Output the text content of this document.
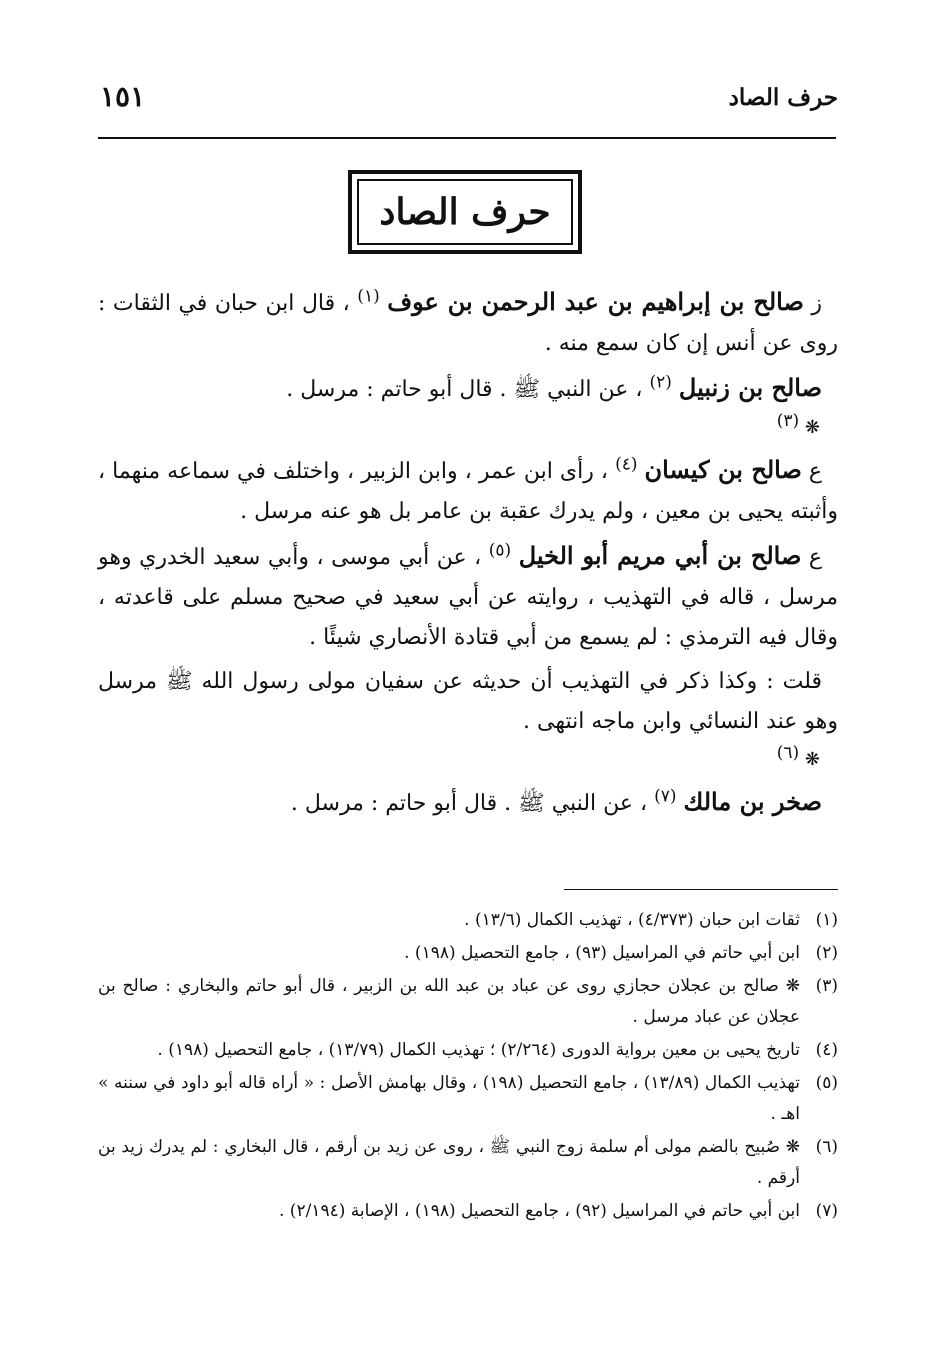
حرف الصاد
١٥١
حرف الصاد

ز صالح بن إبراهيم بن عبد الرحمن بن عوف $^{(١)}$ ، قال ابن حبان في الثقات : روى عن أنس إن كان سمع منه .

صالح بن زنبيل $^{(٢)}$ ، عن النبي ﷺ . قال أبو حاتم : مرسل .

❋ (٣)

ع صالح بن كيسان $^{(٤)}$ ، رأى ابن عمر ، وابن الزبير ، واختلف في سماعه منهما ، وأثبته يحيى بن معين ، ولم يدرك عقبة بن عامر بل هو عنه مرسل .

ع صالح بن أبي مريم أبو الخيل $^{(٥)}$ ، عن أبي موسى ، وأبي سعيد الخدري وهو مرسل ، قاله في التهذيب ، روايته عن أبي سعيد في صحيح مسلم على قاعدته ، وقال فيه الترمذي : لم يسمع من أبي قتادة الأنصاري شيئًا .

قلت : وكذا ذكر في التهذيب أن حديثه عن سفيان مولى رسول الله ﷺ مرسل وهو عند النسائي وابن ماجه انتهى .

❋ (٦)

صخر بن مالك $^{(٧)}$ ، عن النبي ﷺ . قال أبو حاتم : مرسل .

(١)
ثقات ابن حبان (٤/٣٧٣) ، تهذيب الكمال (١٣/٦) .
(٢)
ابن أبي حاتم في المراسيل (٩٣) ، جامع التحصيل (١٩٨) .
(٣)
❋ صالح بن عجلان حجازي روى عن عباد بن عبد الله بن الزبير ، قال أبو حاتم والبخاري : صالح بن عجلان عن عباد مرسل .
(٤)
تاريخ يحيى بن معين برواية الدورى (٢/٢٦٤) ؛ تهذيب الكمال (١٣/٧٩) ، جامع التحصيل (١٩٨) .
(٥)
تهذيب الكمال (١٣/٨٩) ، جامع التحصيل (١٩٨) ، وقال بهامش الأصل : « أراه قاله أبو داود في سننه » اهـ .
(٦)
❋ صُبيح بالضم مولى أم سلمة زوج النبي ﷺ ، روى عن زيد بن أرقم ، قال البخاري : لم يدرك زيد بن أرقم .
(٧)
ابن أبي حاتم في المراسيل (٩٢) ، جامع التحصيل (١٩٨) ، الإصابة (٢/١٩٤) .
